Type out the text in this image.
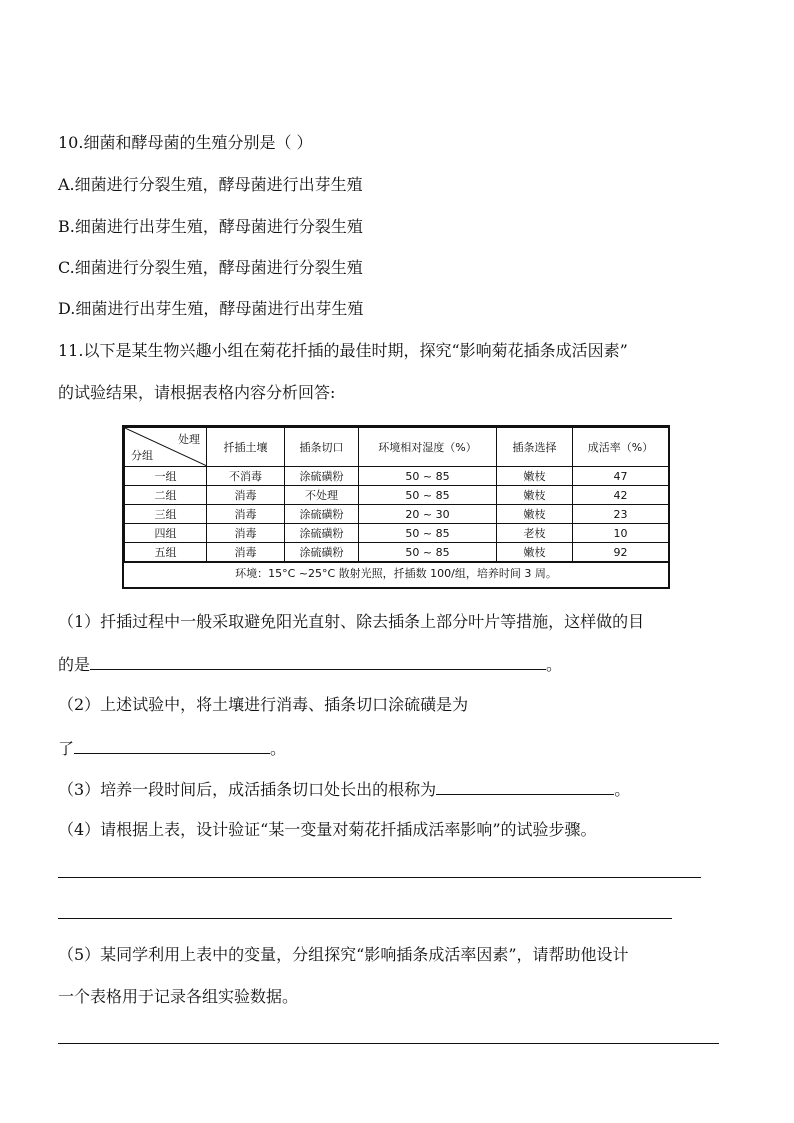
10.细菌和酵母菌的生殖分别是（ ）
A.细菌进行分裂生殖，酵母菌进行出芽生殖
B.细菌进行出芽生殖，酵母菌进行分裂生殖
C.细菌进行分裂生殖，酵母菌进行分裂生殖
D.细菌进行出芽生殖，酵母菌进行出芽生殖
11.以下是某生物兴趣小组在菊花扦插的最佳时期，探究“影响菊花插条成活因素”
的试验结果，请根据表格内容分析回答:
处理
分组	扦插土壤	插条切口	环境相对湿度（%）	插条选择	成活率（%）
一组	不消毒	涂硫磺粉	50 ~ 85	嫩枝	47
二组	消毒	不处理	50 ~ 85	嫩枝	42
三组	消毒	涂硫磺粉	20 ~ 30	嫩枝	23
四组	消毒	涂硫磺粉	50 ~ 85	老枝	10
五组	消毒	涂硫磺粉	50 ~ 85	嫩枝	92
环境：15°C ~25°C 散射光照，扦插数 100/组，培养时间 3 周。
（1）扦插过程中一般采取避免阳光直射、除去插条上部分叶片等措施，这样做的目
的是	。
（2）上述试验中，将土壤进行消毒、插条切口涂硫磺是为
了	。
（3）培养一段时间后，成活插条切口处长出的根称为	。
（4）请根据上表，设计验证“某一变量对菊花扦插成活率影响”的试验步骤。
（5）某同学利用上表中的变量，分组探究“影响插条成活率因素”，请帮助他设计
一个表格用于记录各组实验数据。
